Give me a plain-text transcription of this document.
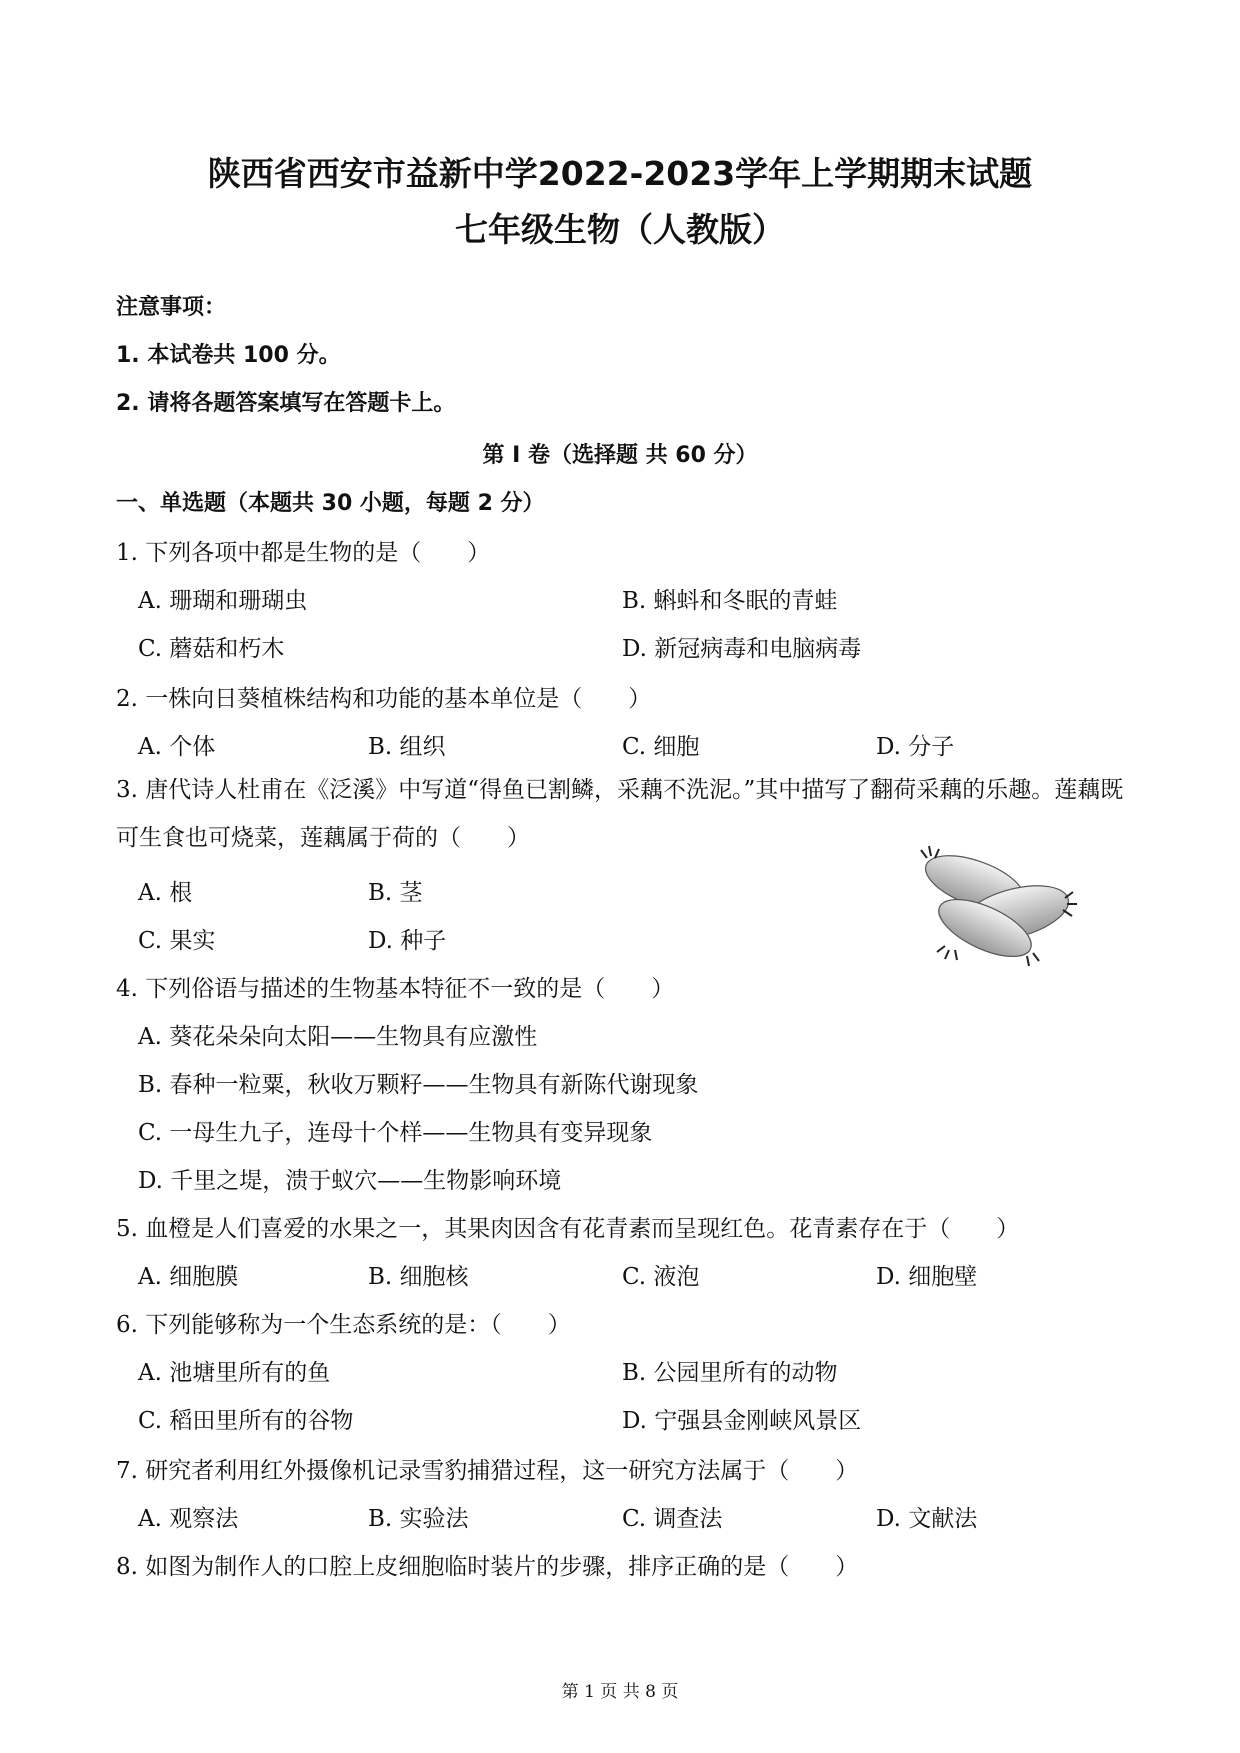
陕西省西安市益新中学2022-2023学年上学期期末试题
七年级生物（人教版）
注意事项：
1. 本试卷共 100 分。
2. 请将各题答案填写在答题卡上。
第 I 卷（选择题 共 60 分）
一、单选题（本题共 30 小题，每题 2 分）
1. 下列各项中都是生物的是（　　）
A. 珊瑚和珊瑚虫	B. 蝌蚪和冬眠的青蛙
C. 蘑菇和朽木	D. 新冠病毒和电脑病毒
2. 一株向日葵植株结构和功能的基本单位是（　　）
A. 个体	B. 组织	C. 细胞	D. 分子
3. 唐代诗人杜甫在《泛溪》中写道“得鱼已割鳞，采藕不洗泥。”其中描写了翻荷采藕的乐趣。莲藕既可生食也可烧菜，莲藕属于荷的（　　）
A. 根	B. 茎
C. 果实	D. 种子
4. 下列俗语与描述的生物基本特征不一致的是（　　）
A. 葵花朵朵向太阳——生物具有应激性
B. 春种一粒粟，秋收万颗籽——生物具有新陈代谢现象
C. 一母生九子，连母十个样——生物具有变异现象
D. 千里之堤，溃于蚁穴——生物影响环境
5. 血橙是人们喜爱的水果之一，其果肉因含有花青素而呈现红色。花青素存在于（　　）
A. 细胞膜	B. 细胞核	C. 液泡	D. 细胞壁
6. 下列能够称为一个生态系统的是：（　　）
A. 池塘里所有的鱼	B. 公园里所有的动物
C. 稻田里所有的谷物	D. 宁强县金刚峡风景区
7. 研究者利用红外摄像机记录雪豹捕猎过程，这一研究方法属于（　　）
A. 观察法	B. 实验法	C. 调查法	D. 文献法
8. 如图为制作人的口腔上皮细胞临时装片的步骤，排序正确的是（　　）
第 1 页 共 8 页
